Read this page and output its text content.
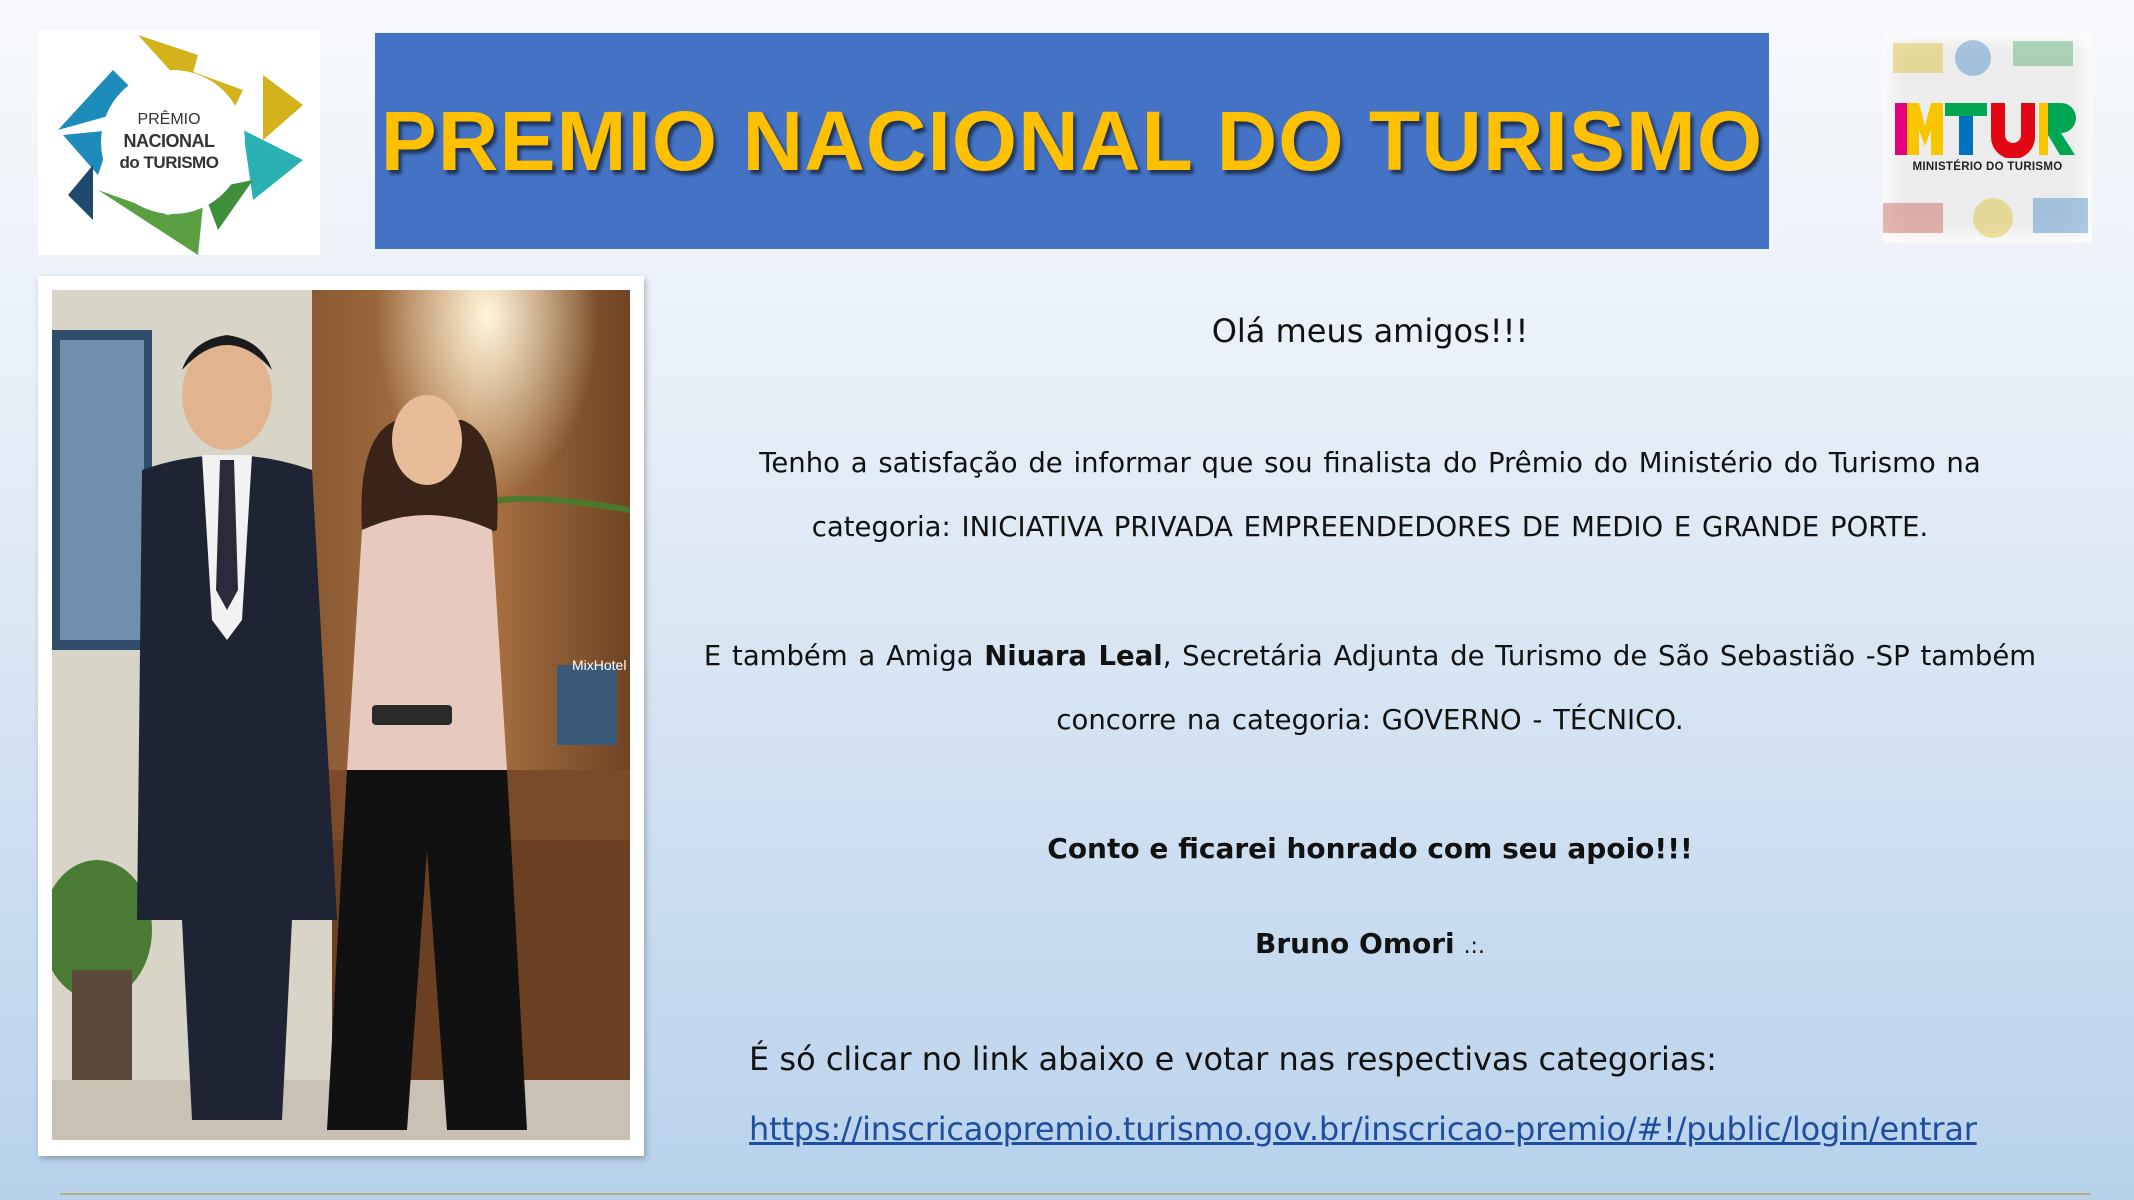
PRÊMIO
NACIONAL
do TURISMO	PREMIO NACIONAL DO TURISMO	MINISTÉRIO DO TURISMO
MixHotel
Olá meus amigos!!!
Tenho a satisfação de informar que sou finalista do Prêmio do Ministério do Turismo na
categoria: INICIATIVA PRIVADA EMPREENDEDORES DE MEDIO E GRANDE PORTE.
E também a Amiga Niuara Leal, Secretária Adjunta de Turismo de São Sebastião -SP também
concorre na categoria: GOVERNO - TÉCNICO.
Conto e ficarei honrado com seu apoio!!!
Bruno Omori .:.
É só clicar no link abaixo e votar nas respectivas categorias:
https://inscricaopremio.turismo.gov.br/inscricao-premio/#!/public/login/entrar
